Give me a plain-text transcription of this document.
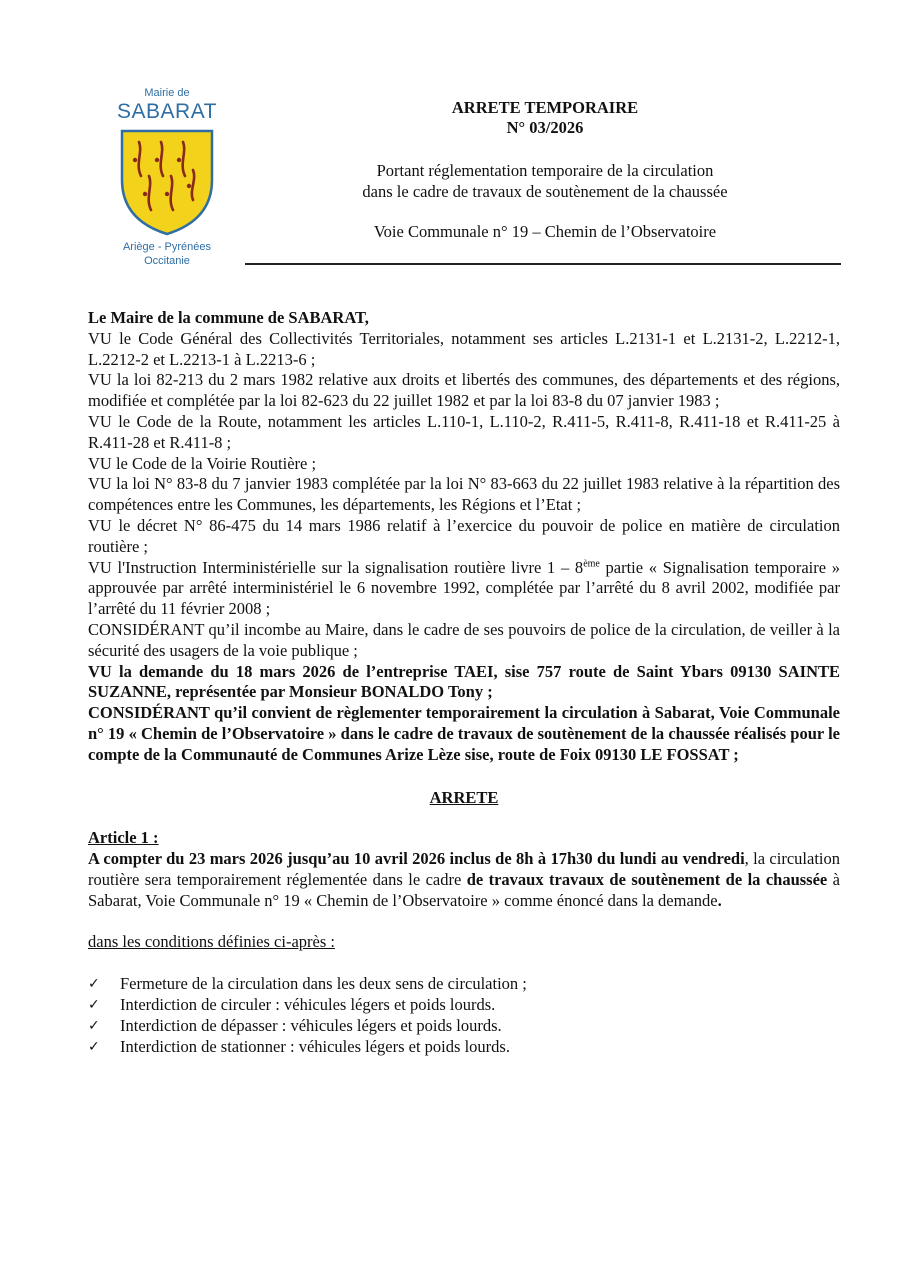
Mairie de
SABARAT
Ariège - Pyrénées
Occitanie
ARRETE TEMPORAIRE
N° 03/2026
Portant réglementation temporaire de la circulation
dans le cadre de travaux de soutènement de la chaussée
Voie Communale n° 19 – Chemin de l’Observatoire

Le Maire de la commune de SABARAT,

VU le Code Général des Collectivités Territoriales, notamment ses articles L.2131-1 et L.2131-2, L.2212-1, L.2212-2 et L.2213-1 à L.2213-6 ;

VU la loi 82-213 du 2 mars 1982 relative aux droits et libertés des communes, des départements et des régions, modifiée et complétée par la loi 82-623 du 22 juillet 1982 et par la loi 83-8 du 07 janvier 1983 ;

VU le Code de la Route, notamment les articles L.110-1, L.110-2, R.411-5, R.411-8, R.411-18 et R.411-25 à R.411-28 et R.411-8 ;

VU le Code de la Voirie Routière ;

VU la loi N° 83-8 du 7 janvier 1983 complétée par la loi N° 83-663 du 22 juillet 1983 relative à la répartition des compétences entre les Communes, les départements, les Régions et l’Etat ;

VU le décret N° 86-475 du 14 mars 1986 relatif à l’exercice du pouvoir de police en matière de circulation routière ;

VU l'Instruction Interministérielle sur la signalisation routière livre 1 – 8ème partie « Signalisation temporaire » approuvée par arrêté interministériel le 6 novembre 1992, complétée par l’arrêté du 8 avril 2002, modifiée par l’arrêté du 11 février 2008 ;

CONSIDÉRANT qu’il incombe au Maire, dans le cadre de ses pouvoirs de police de la circulation, de veiller à la sécurité des usagers de la voie publique ;

VU la demande du 18 mars 2026 de l’entreprise TAEI, sise 757 route de Saint Ybars 09130 SAINTE SUZANNE, représentée par Monsieur BONALDO Tony ;

CONSIDÉRANT qu’il convient de règlementer temporairement la circulation à Sabarat, Voie Communale n° 19 « Chemin de l’Observatoire » dans le cadre de travaux de soutènement de la chaussée réalisés pour le compte de la Communauté de Communes Arize Lèze sise, route de Foix 09130 LE FOSSAT ;

ARRETE

Article 1 :

A compter du 23 mars 2026 jusqu’au 10 avril 2026 inclus de 8h à 17h30 du lundi au vendredi, la circulation routière sera temporairement réglementée dans le cadre de travaux travaux de soutènement de la chaussée à Sabarat, Voie Communale n° 19 « Chemin de l’Observatoire » comme énoncé dans la demande.

dans les conditions définies ci-après :

✓	Fermeture de la circulation dans les deux sens de circulation ;
✓	Interdiction de circuler : véhicules légers et poids lourds.
✓	Interdiction de dépasser : véhicules légers et poids lourds.
✓	Interdiction de stationner : véhicules légers et poids lourds.
